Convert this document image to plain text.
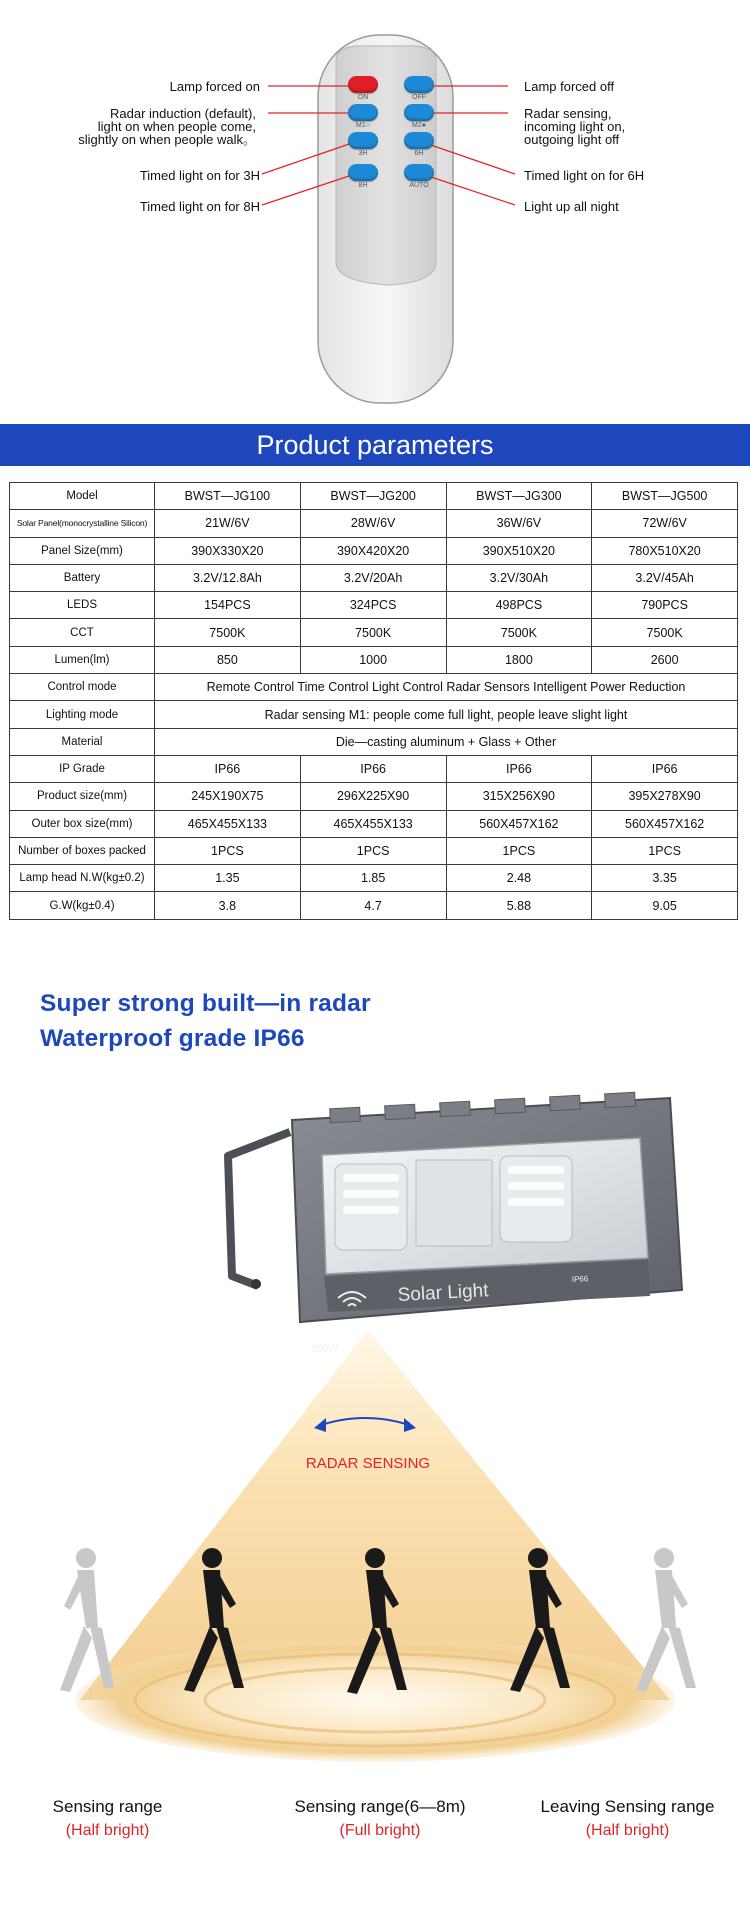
ON	OFF
M1○	M2●
3H	6H
8H	AUTO
Lamp forced on
Radar induction (default),
light on when people come,
slightly on when people walk。
Timed light on for 3H
Timed light on for 8H
Lamp forced off
Radar sensing,
incoming light on,
outgoing light off
Timed light on for 6H
Light up all night
Product parameters
Model	BWST—JG100	BWST—JG200	BWST—JG300	BWST—JG500
Solar Panel(monocrystalline Silicon)	21W/6V	28W/6V	36W/6V	72W/6V
Panel Size(mm)	390X330X20	390X420X20	390X510X20	780X510X20
Battery	3.2V/12.8Ah	3.2V/20Ah	3.2V/30Ah	3.2V/45Ah
LEDS	154PCS	324PCS	498PCS	790PCS
CCT	7500K	7500K	7500K	7500K
Lumen(lm)	850	1000	1800	2600
Control mode	Remote Control Time Control Light Control Radar Sensors Intelligent Power Reduction			
Lighting mode	Radar sensing M1: people come full light, people leave slight light			
Material	Die—casting aluminum + Glass + Other			
IP Grade	IP66	IP66	IP66	IP66
Product size(mm)	245X190X75	296X225X90	315X256X90	395X278X90
Outer box size(mm)	465X455X133	465X455X133	560X457X162	560X457X162
Number of boxes packed	1PCS	1PCS	1PCS	1PCS
Lamp head N.W(kg±0.2)	1.35	1.85	2.48	3.35
G.W(kg±0.4)	3.8	4.7	5.88	9.05
Super strong built—in radar
Waterproof grade IP66
Solar Light
200W
IP66
RADAR SENSING
Sensing range
(Half bright)
Sensing range(6—8m)
(Full bright)
Leaving Sensing range
(Half bright)
